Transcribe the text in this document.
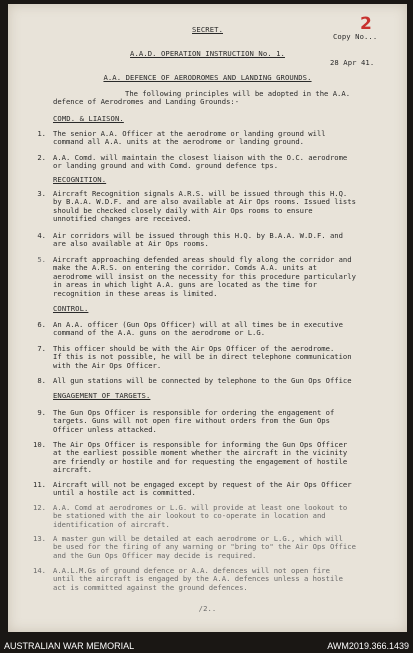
SECRET.
Copy No...
2
A.A.D. OPERATION INSTRUCTION No. 1.
28 Apr 41.
A.A. DEFENCE OF AERODROMES AND LANDING GROUNDS.
The following principles will be adopted in the A.A.
defence of Aerodromes and Landing Grounds:-
COMD. & LIAISON.
1. The senior A.A. Officer at the aerodrome or landing ground will
command all A.A. units at the aerodrome or landing ground.
2. A.A. Comd. will maintain the closest liaison with the O.C. aerodrome
or landing ground and with Comd. ground defence tps.
RECOGNITION.
3. Aircraft Recognition signals A.R.S. will be issued through this H.Q.
by B.A.A. W.D.F. and are also available at Air Ops rooms. Issued lists
should be checked closely daily with Air Ops rooms to ensure
unnotified changes are received.
4. Air corridors will be issued through this H.Q. by B.A.A. W.D.F. and
are also available at Air Ops rooms.
5. Aircraft approaching defended areas should fly along the corridor and
make the A.R.S. on entering the corridor. Comds A.A. units at
aerodrome will insist on the necessity for this procedure particularly
in areas in which light A.A. guns are located as the time for
recognition in these areas is limited.
CONTROL.
6. An A.A. officer (Gun Ops Officer) will at all times be in executive
command of the A.A. guns on the aerodrome or L.G.
7. This officer should be with the Air Ops Officer of the aerodrome.
If this is not possible, he will be in direct telephone communication
with the Air Ops Officer.
8. All gun stations will be connected by telephone to the Gun Ops Office
ENGAGEMENT OF TARGETS.
9. The Gun Ops Officer is responsible for ordering the engagement of
targets. Guns will not open fire without orders from the Gun Ops
Officer unless attacked.
10. The Air Ops Officer is responsible for informing the Gun Ops Officer
at the earliest possible moment whether the aircraft in the vicinity
are friendly or hostile and for requesting the engagement of hostile
aircraft.
11. Aircraft will not be engaged except by request of the Air Ops Officer
until a hostile act is committed.
12. A.A. Comd at aerodromes or L.G. will provide at least one lookout to
be stationed with the air lookout to co-operate in location and
identification of aircraft.
13. A master gun will be detailed at each aerodrome or L.G., which will
be used for the firing of any warning or "bring to" the Air Ops Office
and the Gun Ops Officer may decide is required.
14. A.A.L.M.Gs of ground defence or A.A. defences will not open fire
until the aircraft is engaged by the A.A. defences unless a hostile
act is committed against the ground defences.
/2..
AUSTRALIAN WAR MEMORIAL	AWM2019.366.1439
